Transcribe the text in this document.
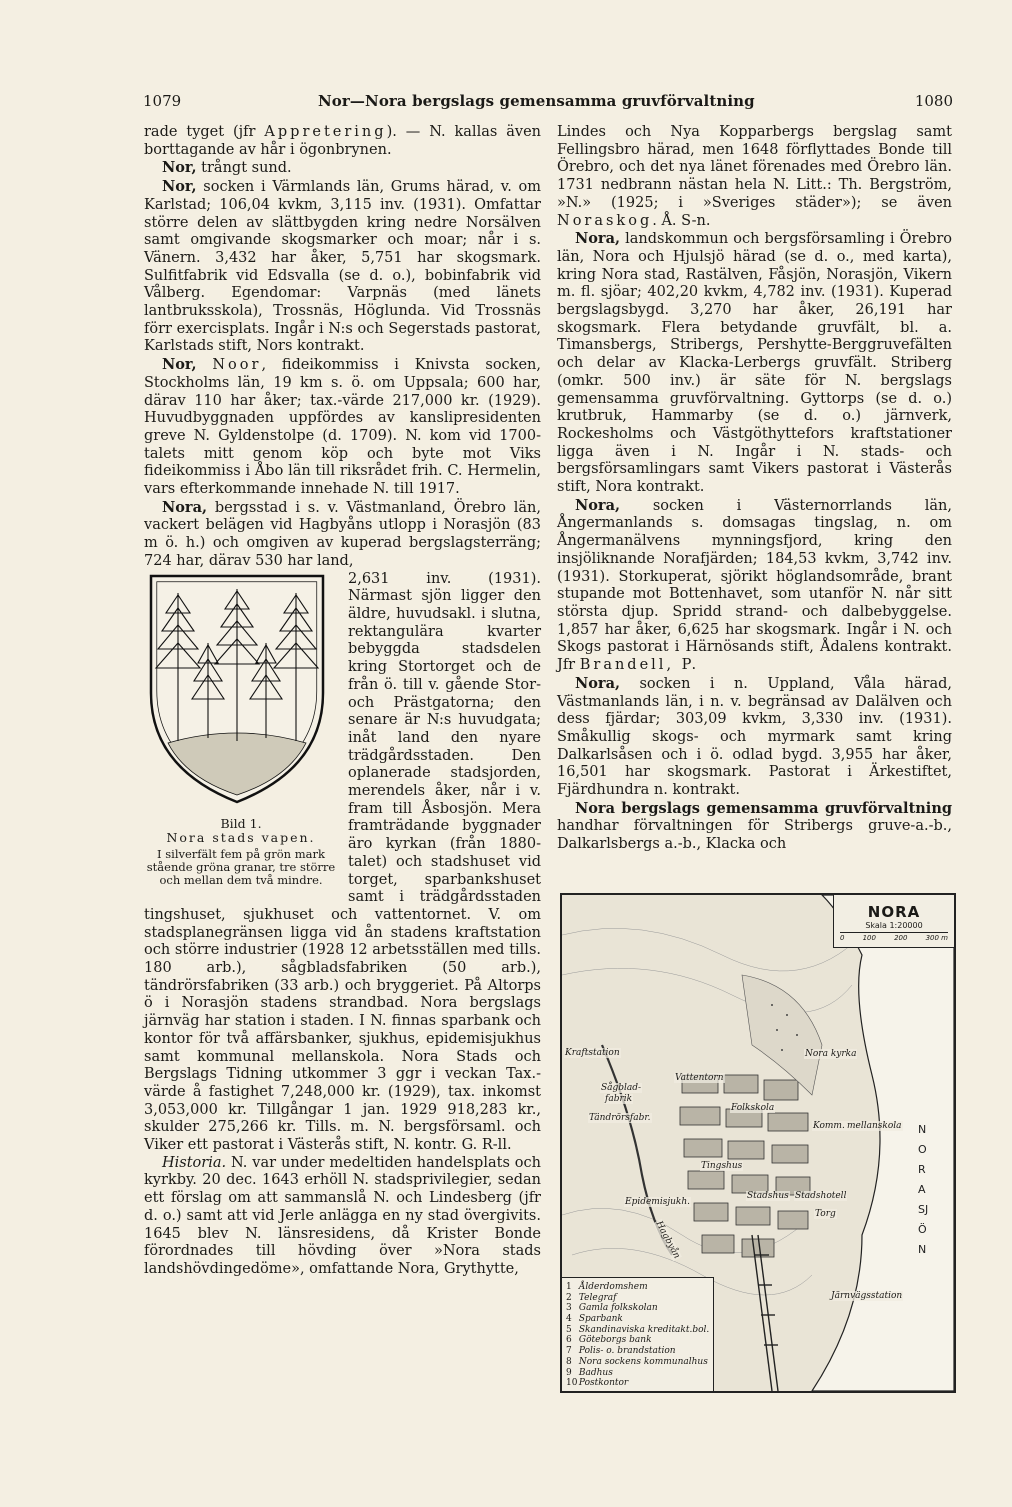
1079	Nor—Nora bergslags gemensamma gruvförvaltning	1080

rade tyget (jfr Appretering). — N. kallas även borttagande av hår i ögonbrynen.

Nor, trångt sund.

Nor, socken i Värmlands län, Grums härad, v. om Karlstad; 106,04 kvkm, 3,115 inv. (1931). Omfattar större delen av slättbygden kring nedre Norsälven samt omgivande skogsmarker och moar; når i s. Vänern. 3,432 har åker, 5,751 har skogsmark. Sulfitfabrik vid Edsvalla (se d. o.), bobinfabrik vid Vålberg. Egendomar: Varpnäs (med länets lantbruksskola), Trossnäs, Höglunda. Vid Trossnäs förr exercisplats. Ingår i N:s och Segerstads pastorat, Karlstads stift, Nors kontrakt.

Nor, Noor, fideikommiss i Knivsta socken, Stockholms län, 19 km s. ö. om Uppsala; 600 har, därav 110 har åker; tax.-värde 217,000 kr. (1929). Huvudbyggnaden uppfördes av kanslipresidenten greve N. Gyldenstolpe (d. 1709). N. kom vid 1700-talets mitt genom köp och byte mot Viks fideikommiss i Åbo län till riksrådet frih. C. Hermelin, vars efterkommande innehade N. till 1917.

Nora, bergsstad i s. v. Västmanland, Örebro län, vackert belägen vid Hagbyåns utlopp i Norasjön (83 m ö. h.) och omgiven av kuperad bergslagsterräng; 724 har, därav 530 har land,

Bild 1.
Nora stads vapen.
I silverfält fem på grön mark stående gröna granar, tre större och mellan dem två mindre.

2,631 inv. (1931). Närmast sjön ligger den äldre, huvudsakl. i slutna, rektangulära kvarter bebyggda stadsdelen kring Stortorget och de från ö. till v. gående Stor- och Prästgatorna; den senare är N:s huvudgata; inåt land den nyare trädgårdsstaden. Den oplanerade stadsjorden, merendels åker, når i v. fram till Åsbosjön. Mera framträdande byggnader äro kyrkan (från 1880-talet) och stadshuset vid torget, sparbankshuset samt i trädgårdsstaden tingshuset, sjukhuset och vattentornet. V. om stadsplanegränsen ligga vid ån stadens kraftstation och större industrier (1928 12 arbetsställen med tills. 180 arb.), sågbladsfabriken (50 arb.), tändrörsfabriken (33 arb.) och bryggeriet. På Altorps ö i Norasjön stadens strandbad. Nora bergslags järnväg har station i staden. I N. finnas sparbank och kontor för två affärsbanker, sjukhus, epidemisjukhus samt kommunal mellanskola. Nora Stads och Bergslags Tidning utkommer 3 ggr i veckan Tax.-värde å fastighet 7,248,000 kr. (1929), tax. inkomst 3,053,000 kr. Tillgångar 1 jan. 1929 918,283 kr., skulder 275,266 kr. Tills. m. N. bergsförsaml. och Viker ett pastorat i Västerås stift, N. kontr. G. R-ll.

Historia. N. var under medeltiden handelsplats och kyrkby. 20 dec. 1643 erhöll N. stadsprivilegier, sedan ett förslag om att sammanslå N. och Lindesberg (jfr d. o.) samt att vid Jerle anlägga en ny stad övergivits. 1645 blev N. länsresidens, då Krister Bonde förordnades till hövding över »Nora stads landshövdingedöme», omfattande Nora, Grythytte,

Lindes och Nya Kopparbergs bergslag samt Fellingsbro härad, men 1648 förflyttades Bonde till Örebro, och det nya länet förenades med Örebro län. 1731 nedbrann nästan hela N. Litt.: Th. Bergström, »N.» (1925; i »Sveriges städer»); se även Noraskog. Å. S-n.

Nora, landskommun och bergsförsamling i Örebro län, Nora och Hjulsjö härad (se d. o., med karta), kring Nora stad, Rastälven, Fåsjön, Norasjön, Vikern m. fl. sjöar; 402,20 kvkm, 4,782 inv. (1931). Kuperad bergslagsbygd. 3,270 har åker, 26,191 har skogsmark. Flera betydande gruvfält, bl. a. Timansbergs, Stribergs, Pershytte-Berggruvefälten och delar av Klacka-Lerbergs gruvfält. Striberg (omkr. 500 inv.) är säte för N. bergslags gemensamma gruvförvaltning. Gyttorps (se d. o.) krutbruk, Hammarby (se d. o.) järnverk, Rockesholms och Västgöthyttefors kraftstationer ligga även i N. Ingår i N. stads- och bergsförsamlingars samt Vikers pastorat i Västerås stift, Nora kontrakt.

Nora, socken i Västernorrlands län, Ångermanlands s. domsagas tingslag, n. om Ångermanälvens mynningsfjord, kring den insjöliknande Norafjärden; 184,53 kvkm, 3,742 inv. (1931). Storkuperat, sjörikt höglandsområde, brant stupande mot Bottenhavet, som utanför N. når sitt största djup. Spridd strand- och dalbebyggelse. 1,857 har åker, 6,625 har skogsmark. Ingår i N. och Skogs pastorat i Härnösands stift, Ådalens kontrakt. Jfr Brandell, P.

Nora, socken i n. Uppland, Våla härad, Västmanlands län, i n. v. begränsad av Dalälven och dess fjärdar; 303,09 kvkm, 3,330 inv. (1931). Småkullig skogs- och myrmark samt kring Dalkarlsåsen och i ö. odlad bygd. 3,955 har åker, 16,501 har skogsmark. Pastorat i Ärkestiftet, Fjärdhundra n. kontrakt.

Nora bergslags gemensamma gruvförvaltning handhar förvaltningen för Stribergs gruve-a.-b., Dalkarlsbergs a.-b., Klacka och

NORA
Skala 1:20000
0	100	200	300 m
NORASJÖN
Kraftstation
Sågblad-
fabrik
Tändrörsfabr.
Vattentorn
Folkskola
Nora kyrka
Komm. mellanskola
Tingshus
Epidemisjukh.
Stadshus Stadshotell
Torg
Hagbyån
Järnvägsstation
1 Ålderdomshem
2 Telegraf
3 Gamla folkskolan
4 Sparbank
5 Skandinaviska kreditakt.bol.
6 Göteborgs bank
7 Polis- o. brandstation
8 Nora sockens kommunalhus
9 Badhus
10 Postkontor
